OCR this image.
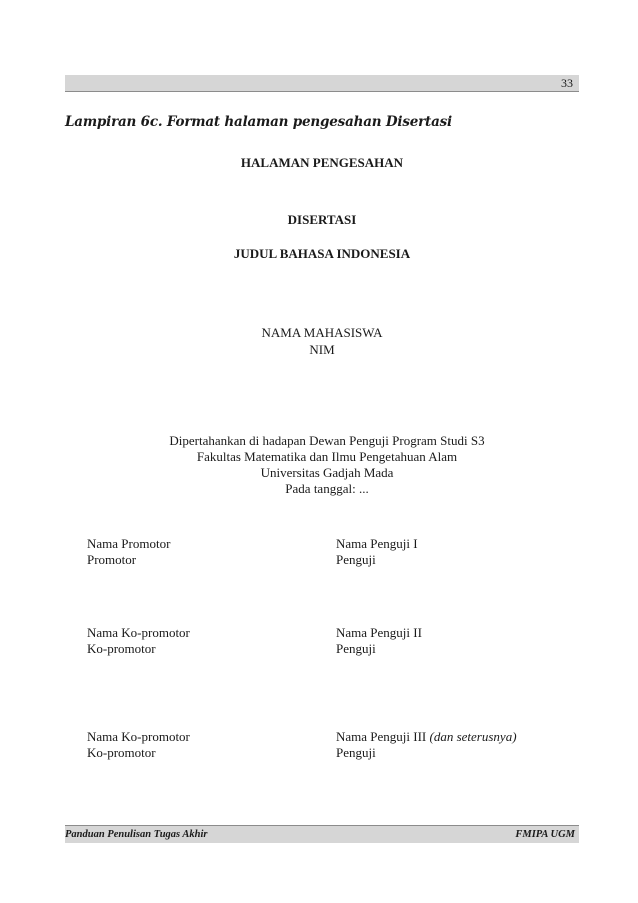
33
Lampiran 6c. Format halaman pengesahan Disertasi
HALAMAN PENGESAHAN
DISERTASI
JUDUL BAHASA INDONESIA
NAMA MAHASISWA
NIM
Dipertahankan di hadapan Dewan Penguji Program Studi S3
Fakultas Matematika dan Ilmu Pengetahuan Alam
Universitas Gadjah Mada
Pada tanggal: ...
Nama Promotor
Promotor
Nama Penguji I
Penguji
Nama Ko-promotor
Ko-promotor
Nama Penguji II
Penguji
Nama Ko-promotor
Ko-promotor
Nama Penguji III (dan seterusnya)
Penguji
Panduan Penulisan Tugas Akhir	FMIPA UGM
